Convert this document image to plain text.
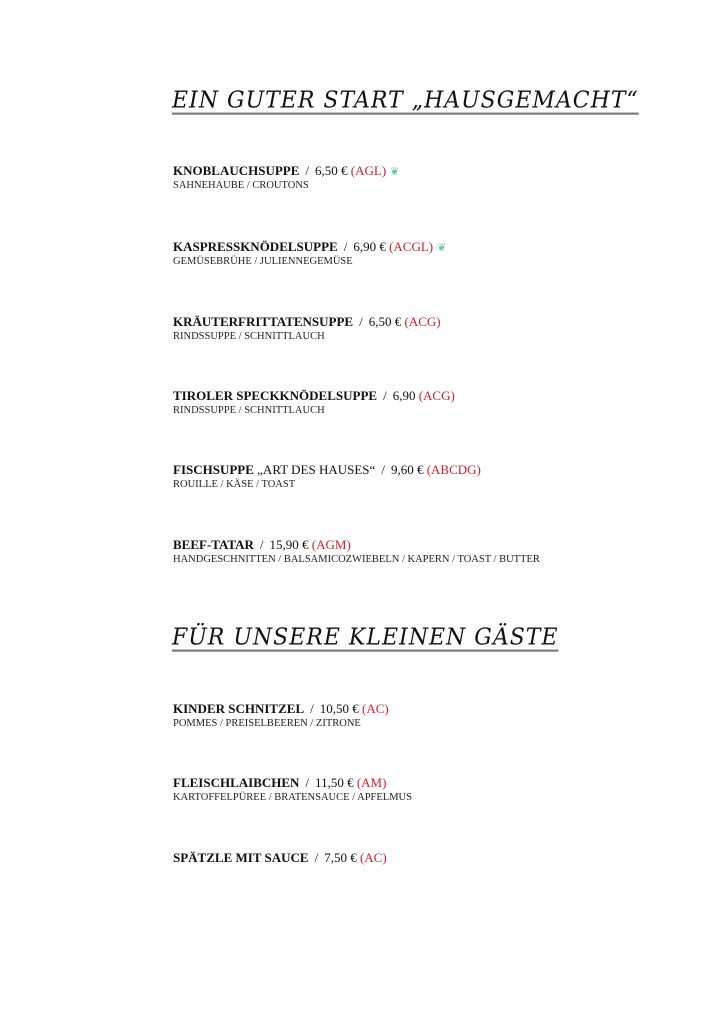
EIN GUTER START „HAUSGEMACHT“
KNOBLAUCHSUPPE / 6,50 € (AGL) ❦
SAHNEHAUBE / CROUTONS
KASPRESSKNÖDELSUPPE / 6,90 € (ACGL) ❦
GEMÜSEBRÜHE / JULIENNEGEMÜSE
KRÄUTERFRITTATENSUPPE / 6,50 € (ACG)
RINDSSUPPE / SCHNITTLAUCH
TIROLER SPECKKNÖDELSUPPE / 6,90 (ACG)
RINDSSUPPE / SCHNITTLAUCH
FISCHSUPPE „ART DES HAUSES“ / 9,60 € (ABCDG)
ROUILLE / KÄSE / TOAST
BEEF-TATAR / 15,90 € (AGM)
HANDGESCHNITTEN / BALSAMICOZWIEBELN / KAPERN / TOAST / BUTTER
FÜR UNSERE KLEINEN GÄSTE
KINDER SCHNITZEL / 10,50 € (AC)
POMMES / PREISELBEEREN / ZITRONE
FLEISCHLAIBCHEN / 11,50 € (AM)
KARTOFFELPÜREE / BRATENSAUCE / APFELMUS
SPÄTZLE MIT SAUCE / 7,50 € (AC)
